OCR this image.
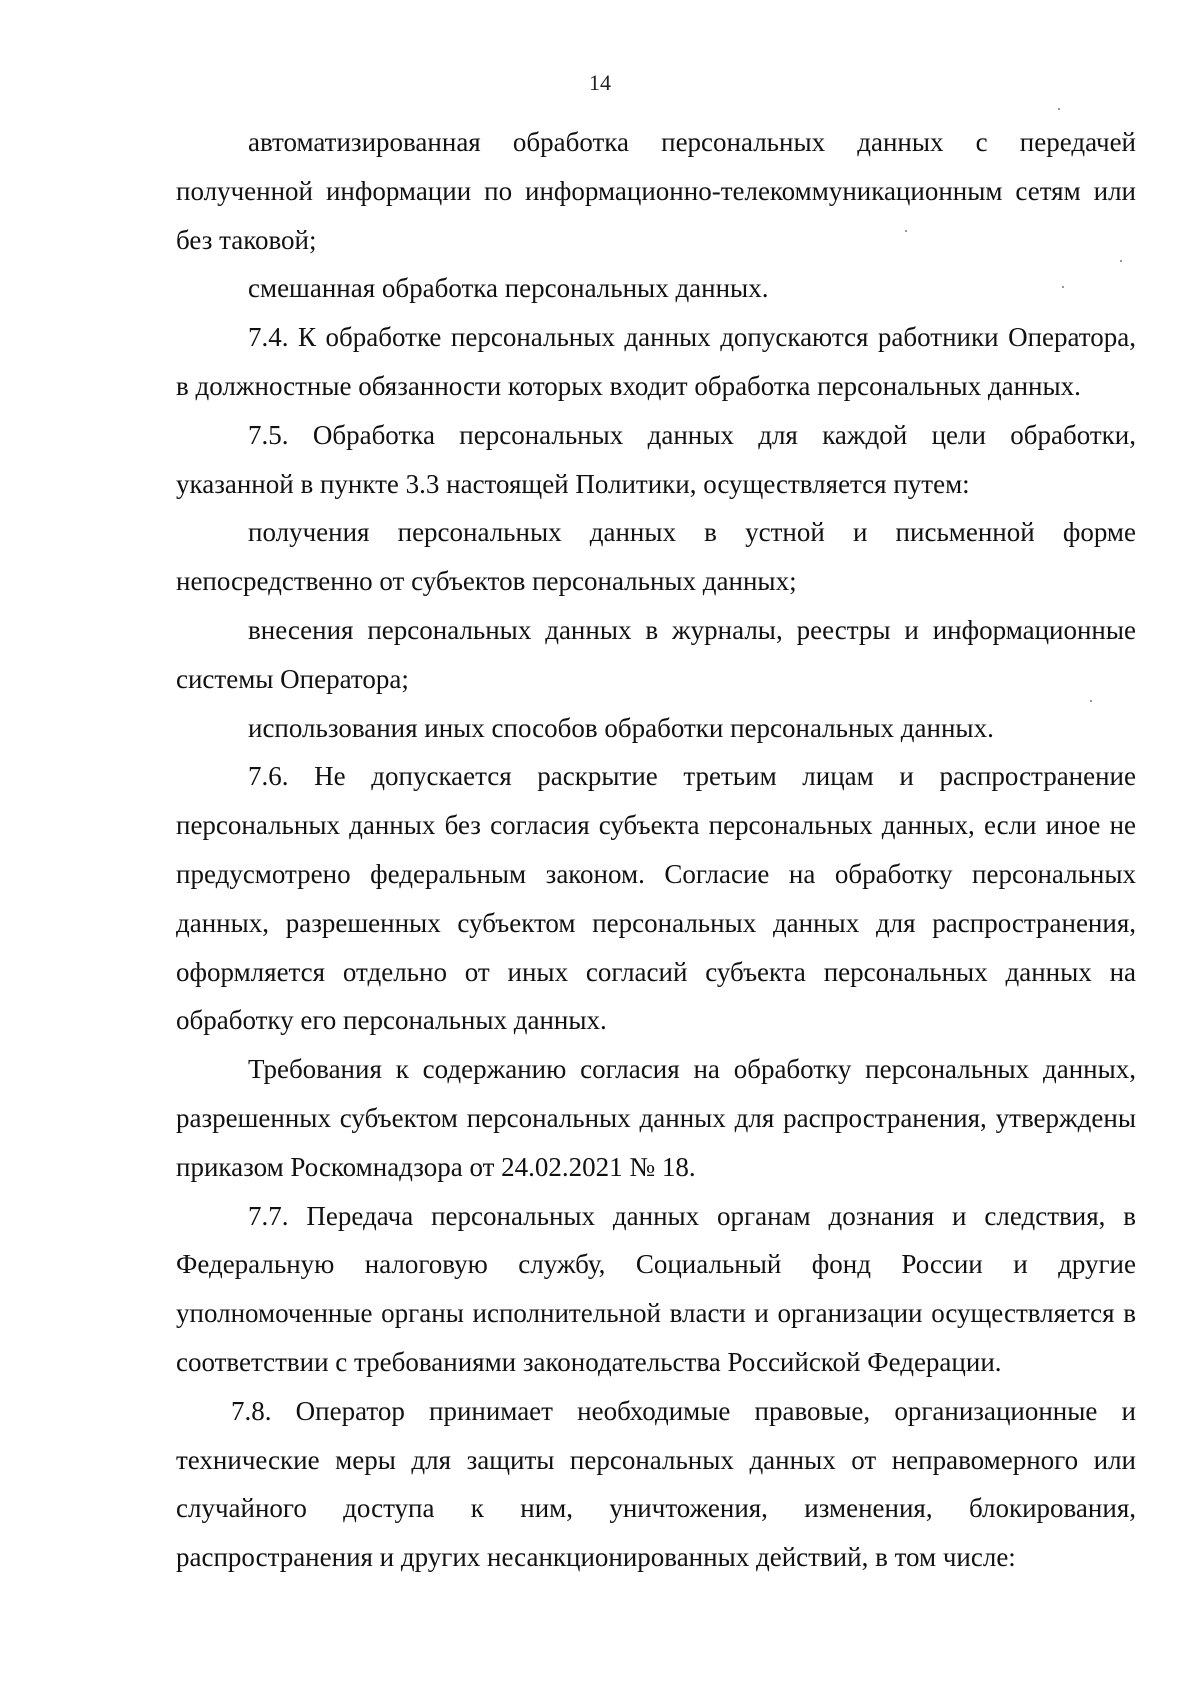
14

автоматизированная обработка персональных данных с передачей полученной информации по информационно-телекоммуникационным сетям или без таковой;

смешанная обработка персональных данных.

7.4. К обработке персональных данных допускаются работники Оператора, в должностные обязанности которых входит обработка персональных данных.

7.5. Обработка персональных данных для каждой цели обработки, указанной в пункте 3.3 настоящей Политики, осуществляется путем:

получения персональных данных в устной и письменной форме непосредственно от субъектов персональных данных;

внесения персональных данных в журналы, реестры и информационные системы Оператора;

использования иных способов обработки персональных данных.

7.6. Не допускается раскрытие третьим лицам и распространение персональных данных без согласия субъекта персональных данных, если иное не предусмотрено федеральным законом. Согласие на обработку персональных данных, разрешенных субъектом персональных данных для распространения, оформляется отдельно от иных согласий субъекта персональных данных на обработку его персональных данных.

Требования к содержанию согласия на обработку персональных данных, разрешенных субъектом персональных данных для распространения, утверждены приказом Роскомнадзора от 24.02.2021 № 18.

7.7. Передача персональных данных органам дознания и следствия, в Федеральную налоговую службу, Социальный фонд России и другие уполномоченные органы исполнительной власти и организации осуществляется в соответствии с требованиями законодательства Российской Федерации.

7.8. Оператор принимает необходимые правовые, организационные и технические меры для защиты персональных данных от неправомерного или случайного доступа к ним, уничтожения, изменения, блокирования, распространения и других несанкционированных действий, в том числе:
